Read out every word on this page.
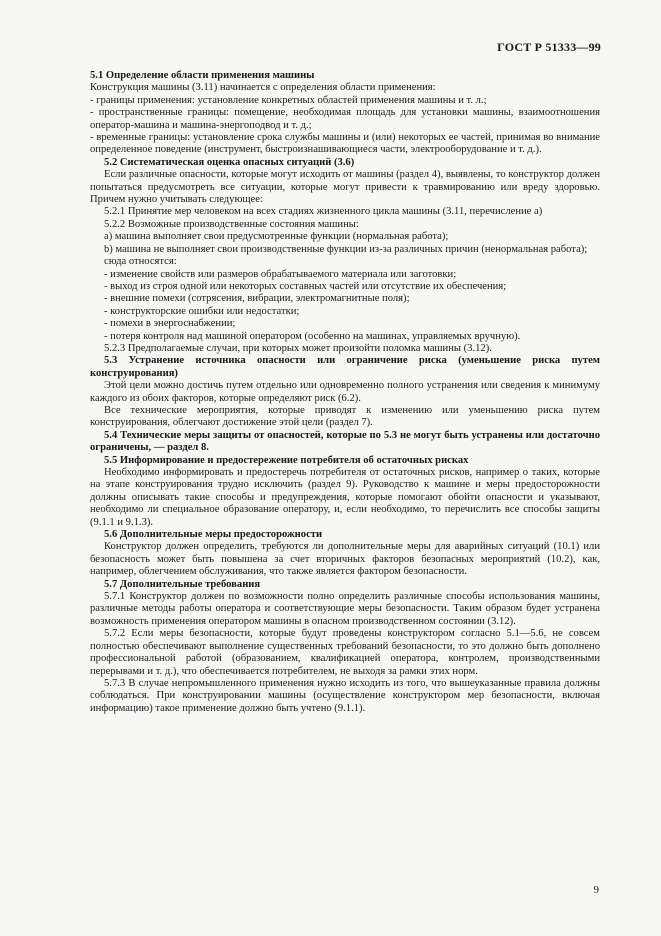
ГОСТ Р 51333—99

5.1 Определение области применения машины

Конструкция машины (3.11) начинается с определения области применения:

- границы применения: установление конкретных областей применения машины и т. л.;

- пространственные границы: помещение, необходимая площадь для установки машины, взаимоотношения оператор-машина и машина-энергоподвод и т. д.;

- временные границы: установление срока службы машины и (или) некоторых ее частей, принимая во внимание определенное поведение (инструмент, быстроизнашивающиеся части, электрооборудование и т. д.).

5.2 Систематическая оценка опасных ситуаций (3.6)

Если различные опасности, которые могут исходить от машины (раздел 4), выявлены, то конструктор должен попытаться предусмотреть все ситуации, которые могут привести к травмированию или вреду здоровью. Причем нужно учитывать следующее:

5.2.1 Принятие мер человеком на всех стадиях жизненного цикла машины (3.11, перечисление а)

5.2.2 Возможные производственные состояния машины:

a) машина выполняет свои предусмотренные функции (нормальная работа);

b) машина не выполняет свои производственные функции из-за различных причин (ненормальная работа);

сюда относятся:

- изменение свойств или размеров обрабатываемого материала или заготовки;

- выход из строя одной или некоторых составных частей или отсутствие их обеспечения;

- внешние помехи (сотрясения, вибрации, электромагнитные поля);

- конструкторские ошибки или недостатки;

- помехи в энергоснабжении;

- потеря контроля над машиной оператором (особенно на машинах, управляемых вручную).

5.2.3 Предполагаемые случаи, при которых может произойти поломка машины (3.12).

5.3 Устранение источника опасности или ограничение риска (уменьшение риска путем конструирования)

Этой цели можно достичь путем отдельно или одновременно полного устранения или сведения к минимуму каждого из обоих факторов, которые определяют риск (6.2).

Все технические мероприятия, которые приводят к изменению или уменьшению риска путем конструирования, облегчают достижение этой цели (раздел 7).

5.4 Технические меры защиты от опасностей, которые по 5.3 не могут быть устранены или достаточно ограничены, — раздел 8.

5.5 Информирование и предостережение потребителя об остаточных рисках

Необходимо информировать и предостеречь потребителя от остаточных рисков, например о таких, которые на этапе конструирования трудно исключить (раздел 9). Руководство к машине и меры предосторожности должны описывать такие способы и предупреждения, которые помогают обойти опасности и указывают, необходимо ли специальное образование оператору, и, если необходимо, то перечислить все способы защиты (9.1.1 и 9.1.3).

5.6 Дополнительные меры предосторожности

Конструктор должен определить, требуются ли дополнительные меры для аварийных ситуаций (10.1) или безопасность может быть повышена за счет вторичных факторов безопасных мероприятий (10.2), как, например, облегчением обслуживания, что также является фактором безопасности.

5.7 Дополнительные требования

5.7.1 Конструктор должен по возможности полно определить различные способы использования машины, различные методы работы оператора и соответствующие меры безопасности. Таким образом будет устранена возможность применения оператором машины в опасном производственном состоянии (3.12).

5.7.2 Если меры безопасности, которые будут проведены конструктором согласно 5.1—5.6, не совсем полностью обеспечивают выполнение существенных требований безопасности, то это должно быть дополнено профессиональной работой (образованием, квалификацией оператора, контролем, производственными перерывами и т. д.), что обеспечивается потребителем, не выходя за рамки этих норм.

5.7.3 В случае непромышленного применения нужно исходить из того, что вышеуказанные правила должны соблюдаться. При конструировании машины (осуществление конструктором мер безопасности, включая информацию) такое применение должно быть учтено (9.1.1).

9
